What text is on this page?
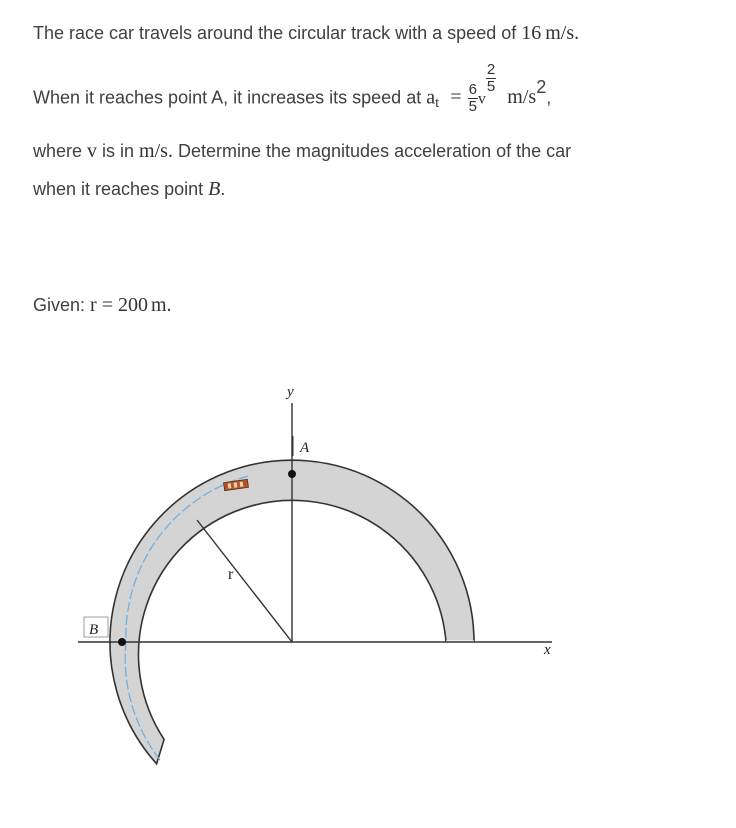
The race car travels around the circular track with a speed of 16 m/s.
When it reaches point A, it increases its speed at $a_t = \frac{6}{5}$ v
$\frac{2}{5}$
m/s2,
where v is in m/s. Determine the magnitudes acceleration of the car
when it reaches point B.
Given: r = 200 m.
A
B
y
x
r
